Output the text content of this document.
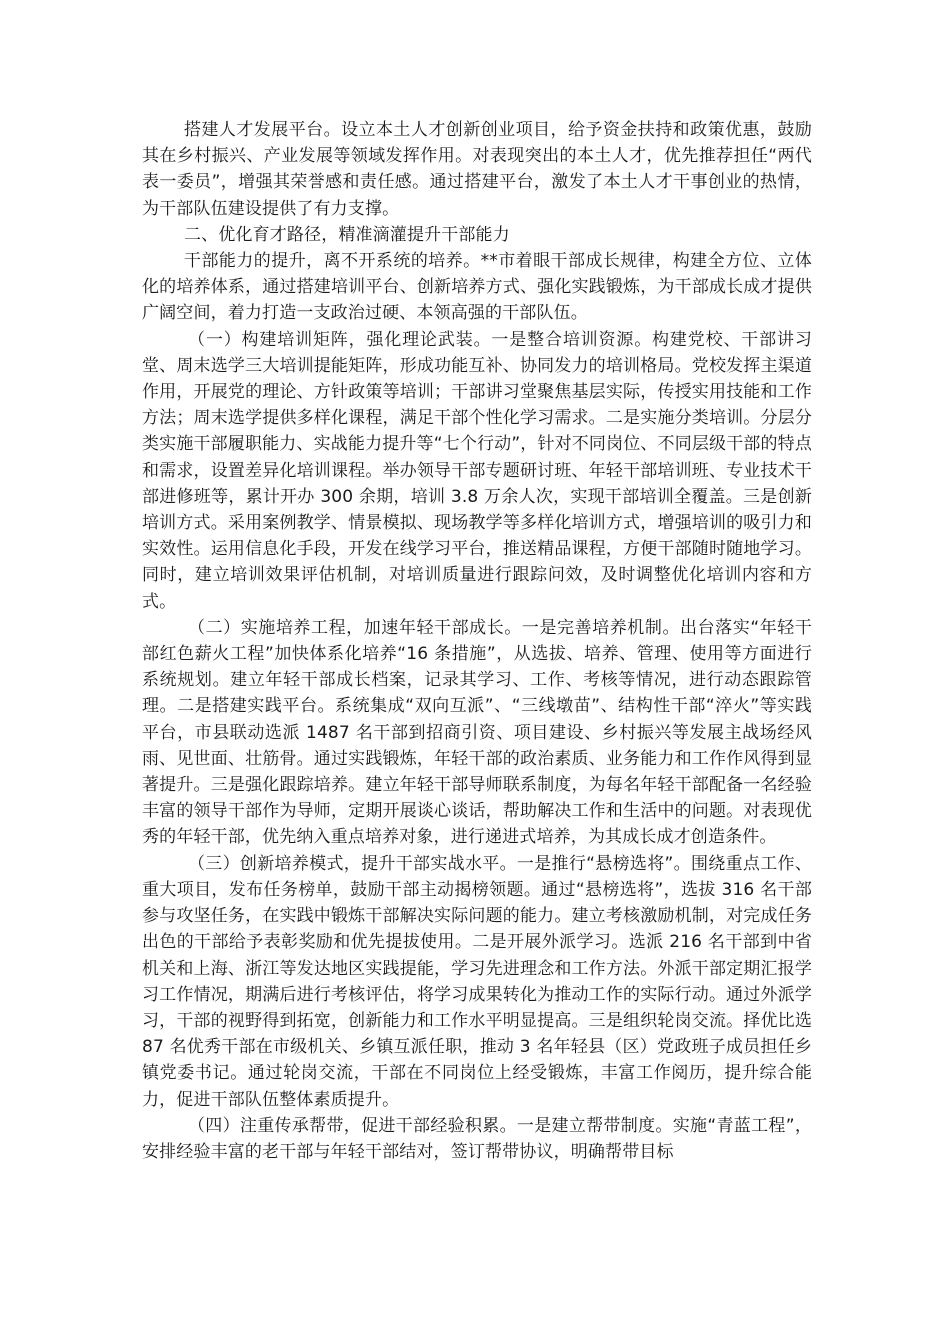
搭建人才发展平台。设立本土人才创新创业项目，给予资金扶持和政策优惠，鼓励其在乡村振兴、产业发展等领域发挥作用。对表现突出的本土人才，优先推荐担任“两代表一委员”，增强其荣誉感和责任感。通过搭建平台，激发了本土人才干事创业的热情，为干部队伍建设提供了有力支撑。

二、优化育才路径，精准滴灌提升干部能力

干部能力的提升，离不开系统的培养。**市着眼干部成长规律，构建全方位、立体化的培养体系，通过搭建培训平台、创新培养方式、强化实践锻炼，为干部成长成才提供广阔空间，着力打造一支政治过硬、本领高强的干部队伍。

（一）构建培训矩阵，强化理论武装。一是整合培训资源。构建党校、干部讲习堂、周末选学三大培训提能矩阵，形成功能互补、协同发力的培训格局。党校发挥主渠道作用，开展党的理论、方针政策等培训；干部讲习堂聚焦基层实际，传授实用技能和工作方法；周末选学提供多样化课程，满足干部个性化学习需求。二是实施分类培训。分层分类实施干部履职能力、实战能力提升等“七个行动”，针对不同岗位、不同层级干部的特点和需求，设置差异化培训课程。举办领导干部专题研讨班、年轻干部培训班、专业技术干部进修班等，累计开办 300 余期，培训 3.8 万余人次，实现干部培训全覆盖。三是创新培训方式。采用案例教学、情景模拟、现场教学等多样化培训方式，增强培训的吸引力和实效性。运用信息化手段，开发在线学习平台，推送精品课程，方便干部随时随地学习。同时，建立培训效果评估机制，对培训质量进行跟踪问效，及时调整优化培训内容和方式。

（二）实施培养工程，加速年轻干部成长。一是完善培养机制。出台落实“年轻干部红色薪火工程”加快体系化培养“16 条措施”，从选拔、培养、管理、使用等方面进行系统规划。建立年轻干部成长档案，记录其学习、工作、考核等情况，进行动态跟踪管理。二是搭建实践平台。系统集成“双向互派”、“三线墩苗”、结构性干部“淬火”等实践平台，市县联动选派 1487 名干部到招商引资、项目建设、乡村振兴等发展主战场经风雨、见世面、壮筋骨。通过实践锻炼，年轻干部的政治素质、业务能力和工作作风得到显著提升。三是强化跟踪培养。建立年轻干部导师联系制度，为每名年轻干部配备一名经验丰富的领导干部作为导师，定期开展谈心谈话，帮助解决工作和生活中的问题。对表现优秀的年轻干部，优先纳入重点培养对象，进行递进式培养，为其成长成才创造条件。

（三）创新培养模式，提升干部实战水平。一是推行“悬榜选将”。围绕重点工作、重大项目，发布任务榜单，鼓励干部主动揭榜领题。通过“悬榜选将”，选拔 316 名干部参与攻坚任务，在实践中锻炼干部解决实际问题的能力。建立考核激励机制，对完成任务出色的干部给予表彰奖励和优先提拔使用。二是开展外派学习。选派 216 名干部到中省机关和上海、浙江等发达地区实践提能，学习先进理念和工作方法。外派干部定期汇报学习工作情况，期满后进行考核评估，将学习成果转化为推动工作的实际行动。通过外派学习，干部的视野得到拓宽，创新能力和工作水平明显提高。三是组织轮岗交流。择优比选 87 名优秀干部在市级机关、乡镇互派任职，推动 3 名年轻县（区）党政班子成员担任乡镇党委书记。通过轮岗交流，干部在不同岗位上经受锻炼，丰富工作阅历，提升综合能力，促进干部队伍整体素质提升。

（四）注重传承帮带，促进干部经验积累。一是建立帮带制度。实施“青蓝工程”，安排经验丰富的老干部与年轻干部结对，签订帮带协议，明确帮带目标
